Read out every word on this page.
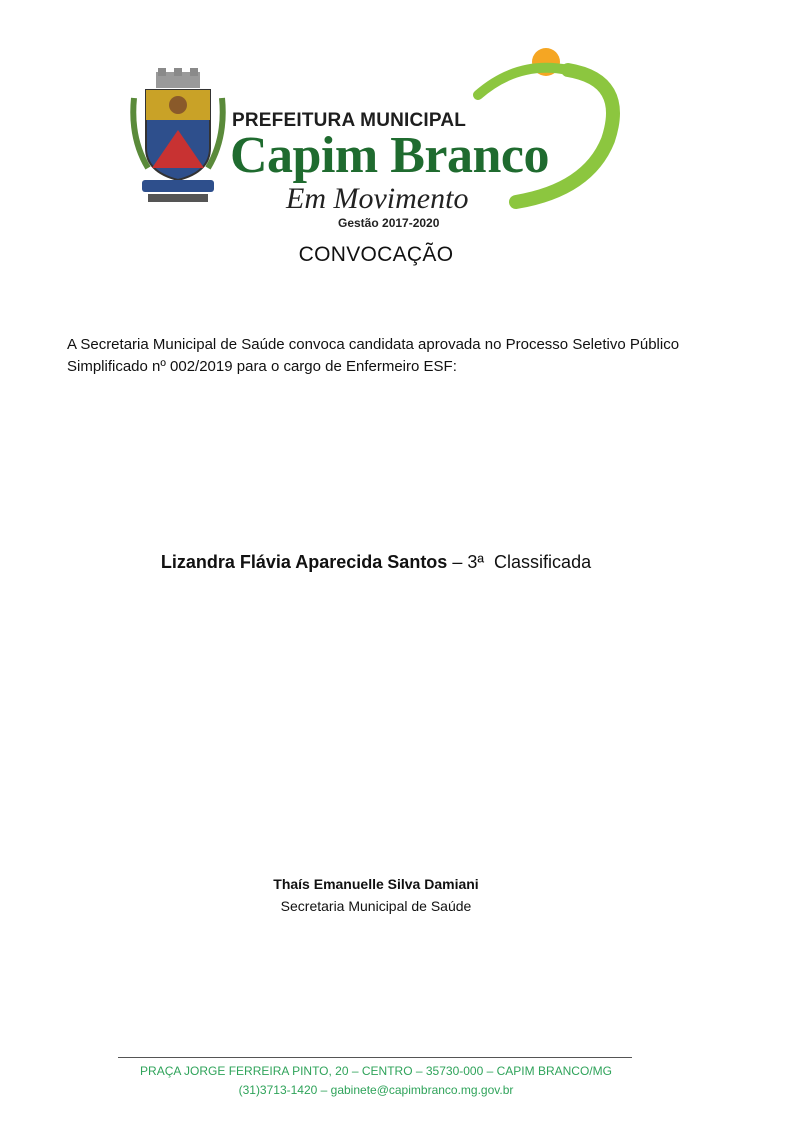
PREFEITURA MUNICIPAL
Capim Branco
Em Movimento
Gestão 2017-2020
CONVOCAÇÃO
A Secretaria Municipal de Saúde convoca candidata aprovada no Processo Seletivo Público
Simplificado nº 002/2019 para o cargo de Enfermeiro ESF:
Lizandra Flávia Aparecida Santos – 3ª Classificada
Thaís Emanuelle Silva Damiani
Secretaria Municipal de Saúde
PRAÇA JORGE FERREIRA PINTO, 20 – CENTRO – 35730-000 – CAPIM BRANCO/MG
(31)3713-1420 – gabinete@capimbranco.mg.gov.br
